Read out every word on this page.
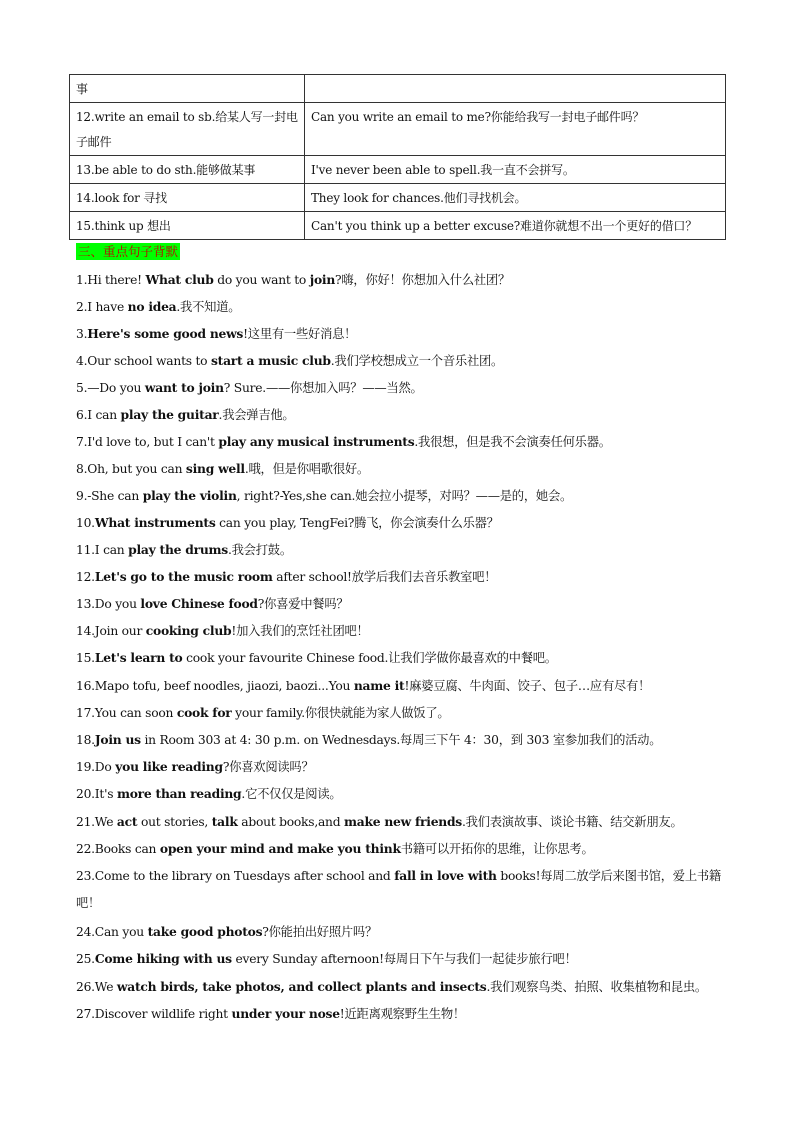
事	
12.write an email to sb.给某人写一封电子邮件	Can you write an email to me?你能给我写一封电子邮件吗？
13.be able to do sth.能够做某事	I've never been able to spell.我一直不会拼写。
14.look for 寻找	They look for chances.他们寻找机会。
15.think up 想出	Can't you think up a better excuse?难道你就想不出一个更好的借口？
三、重点句子背默
1.Hi there! What club do you want to join?嗨，你好！你想加入什么社团？
2.I have no idea.我不知道。
3.Here's some good news!这里有一些好消息！
4.Our school wants to start a music club.我们学校想成立一个音乐社团。
5.—Do you want to join? Sure.——你想加入吗？——当然。
6.I can play the guitar.我会弹吉他。
7.I'd love to, but I can't play any musical instruments.我很想，但是我不会演奏任何乐器。
8.Oh, but you can sing well.哦，但是你唱歌很好。
9.-She can play the violin, right?-Yes,she can.她会拉小提琴，对吗？——是的，她会。
10.What instruments can you play, TengFei?腾飞，你会演奏什么乐器？
11.I can play the drums.我会打鼓。
12.Let's go to the music room after school!放学后我们去音乐教室吧！
13.Do you love Chinese food?你喜爱中餐吗？
14.Join our cooking club!加入我们的烹饪社团吧！
15.Let's learn to cook your favourite Chinese food.让我们学做你最喜欢的中餐吧。
16.Mapo tofu, beef noodles, jiaozi, baozi...You name it!麻婆豆腐、牛肉面、饺子、包子…应有尽有！
17.You can soon cook for your family.你很快就能为家人做饭了。
18.Join us in Room 303 at 4: 30 p.m. on Wednesdays.每周三下午 4：30，到 303 室参加我们的活动。
19.Do you like reading?你喜欢阅读吗？
20.It's more than reading.它不仅仅是阅读。
21.We act out stories, talk about books,and make new friends.我们表演故事、谈论书籍、结交新朋友。
22.Books can open your mind and make you think书籍可以开拓你的思维，让你思考。
23.Come to the library on Tuesdays after school and fall in love with books!每周二放学后来图书馆，爱上书籍吧！
24.Can you take good photos?你能拍出好照片吗？
25.Come hiking with us every Sunday afternoon!每周日下午与我们一起徒步旅行吧！
26.We watch birds, take photos, and collect plants and insects.我们观察鸟类、拍照、收集植物和昆虫。
27.Discover wildlife right under your nose!近距离观察野生生物！
